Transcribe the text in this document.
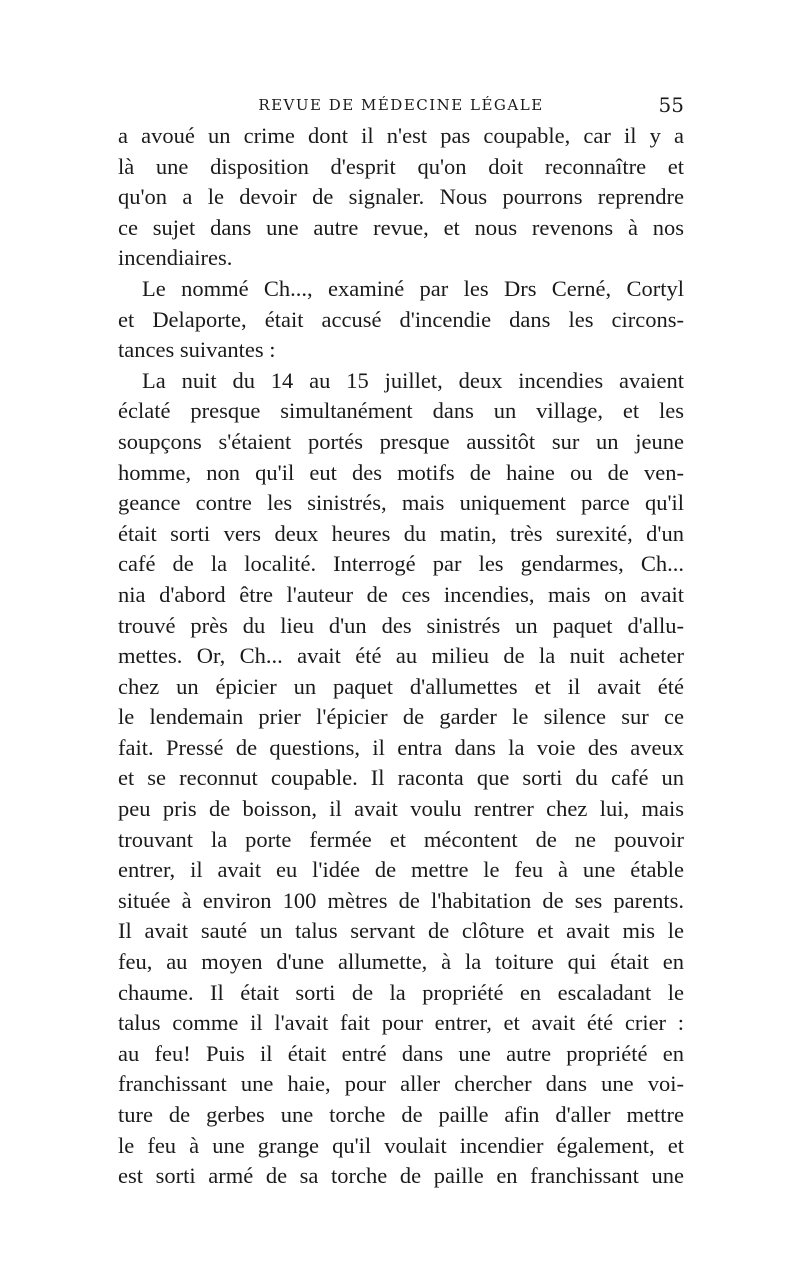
REVUE DE MÉDECINE LÉGALE	55
a avoué un crime dont il n'est pas coupable, car il y a
là une disposition d'esprit qu'on doit reconnaître et
qu'on a le devoir de signaler. Nous pourrons reprendre
ce sujet dans une autre revue, et nous revenons à nos
incendiaires.
Le nommé Ch..., examiné par les Drs Cerné, Cortyl
et Delaporte, était accusé d'incendie dans les circons-
tances suivantes :
La nuit du 14 au 15 juillet, deux incendies avaient
éclaté presque simultanément dans un village, et les
soupçons s'étaient portés presque aussitôt sur un jeune
homme, non qu'il eut des motifs de haine ou de ven-
geance contre les sinistrés, mais uniquement parce qu'il
était sorti vers deux heures du matin, très surexité, d'un
café de la localité. Interrogé par les gendarmes, Ch...
nia d'abord être l'auteur de ces incendies, mais on avait
trouvé près du lieu d'un des sinistrés un paquet d'allu-
mettes. Or, Ch... avait été au milieu de la nuit acheter
chez un épicier un paquet d'allumettes et il avait été
le lendemain prier l'épicier de garder le silence sur ce
fait. Pressé de questions, il entra dans la voie des aveux
et se reconnut coupable. Il raconta que sorti du café un
peu pris de boisson, il avait voulu rentrer chez lui, mais
trouvant la porte fermée et mécontent de ne pouvoir
entrer, il avait eu l'idée de mettre le feu à une étable
située à environ 100 mètres de l'habitation de ses parents.
Il avait sauté un talus servant de clôture et avait mis le
feu, au moyen d'une allumette, à la toiture qui était en
chaume. Il était sorti de la propriété en escaladant le
talus comme il l'avait fait pour entrer, et avait été crier :
au feu! Puis il était entré dans une autre propriété en
franchissant une haie, pour aller chercher dans une voi-
ture de gerbes une torche de paille afin d'aller mettre
le feu à une grange qu'il voulait incendier également, et
est sorti armé de sa torche de paille en franchissant une
